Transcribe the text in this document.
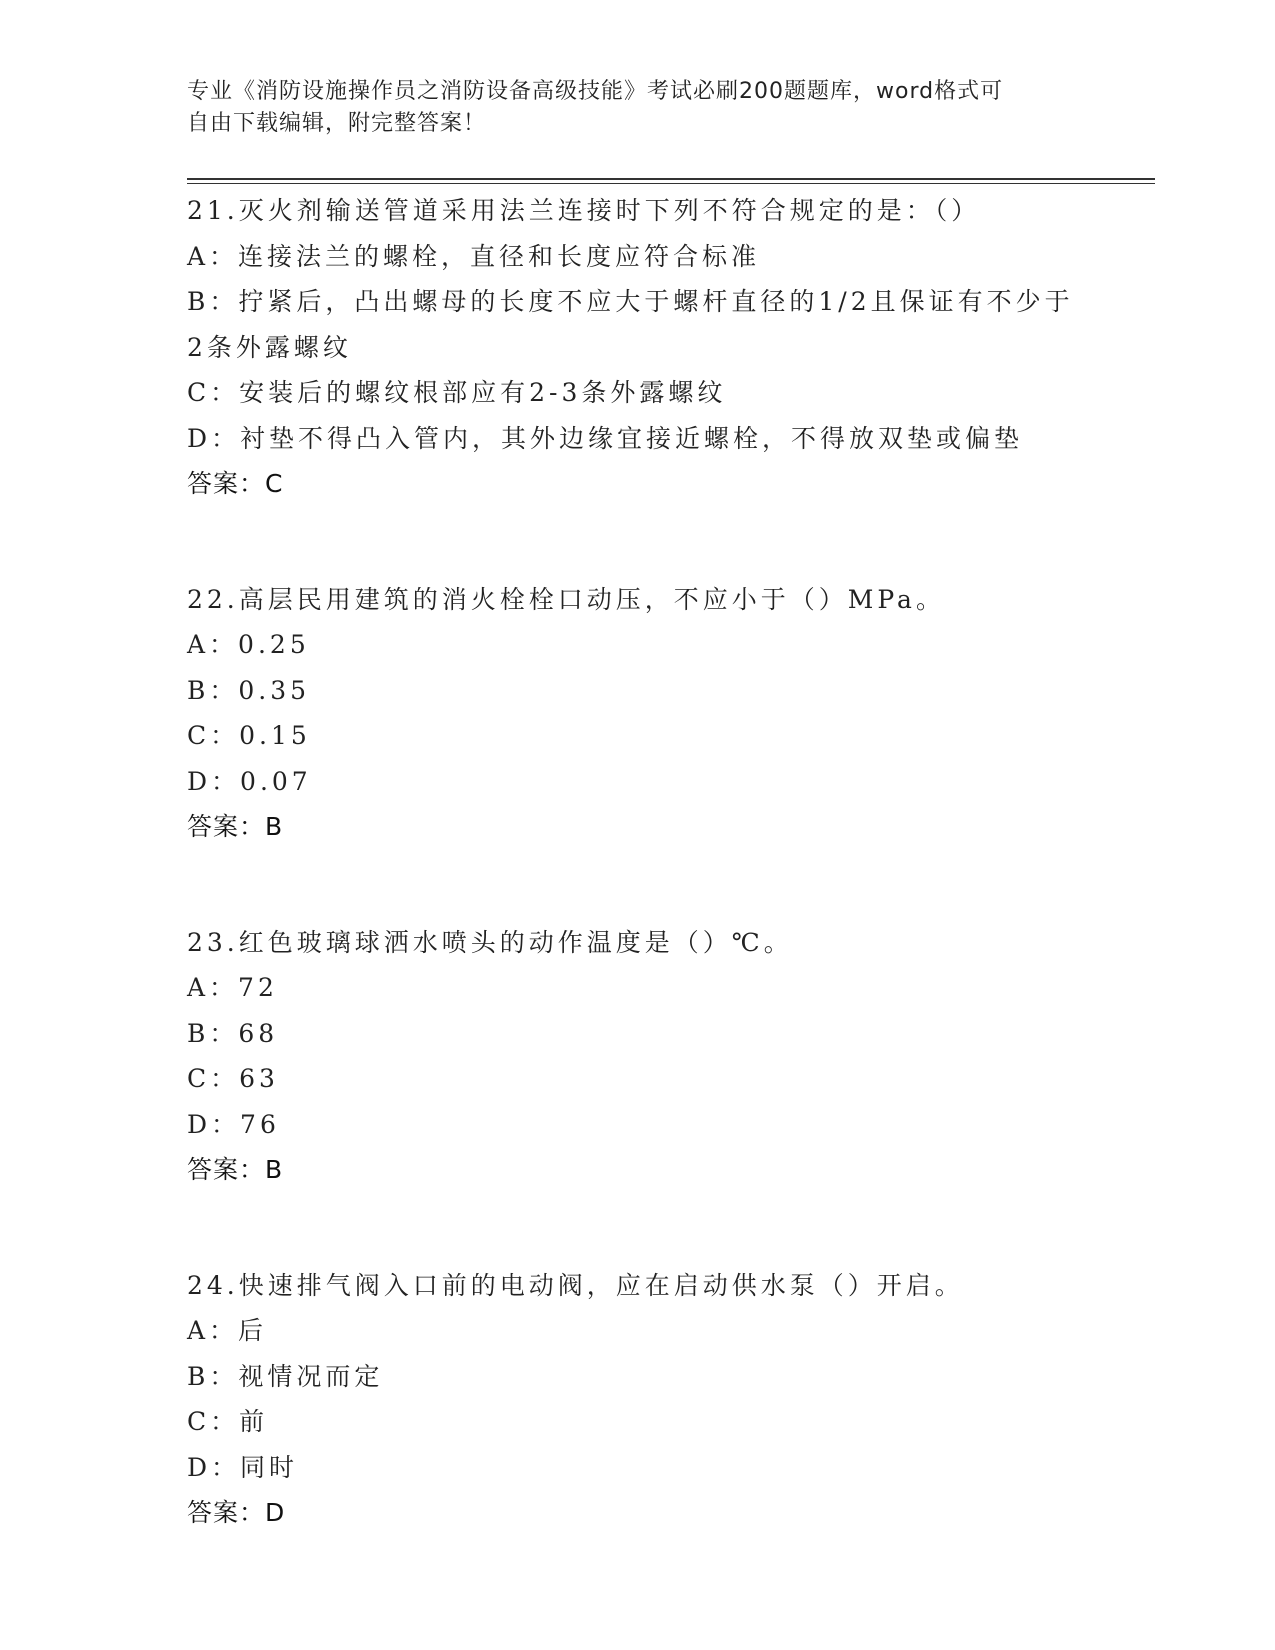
专业《消防设施操作员之消防设备高级技能》考试必刷200题题库，word格式可
自由下载编辑，附完整答案！
21.灭火剂输送管道采用法兰连接时下列不符合规定的是：（）
A：连接法兰的螺栓，直径和长度应符合标准
B：拧紧后，凸出螺母的长度不应大于螺杆直径的1/2且保证有不少于
2条外露螺纹
C：安装后的螺纹根部应有2-3条外露螺纹
D：衬垫不得凸入管内，其外边缘宜接近螺栓，不得放双垫或偏垫
答案：C
22.高层民用建筑的消火栓栓口动压，不应小于（）MPa。
A：0.25
B：0.35
C：0.15
D：0.07
答案：B
23.红色玻璃球洒水喷头的动作温度是（）℃。
A：72
B：68
C：63
D：76
答案：B
24.快速排气阀入口前的电动阀，应在启动供水泵（）开启。
A：后
B：视情况而定
C：前
D：同时
答案：D
